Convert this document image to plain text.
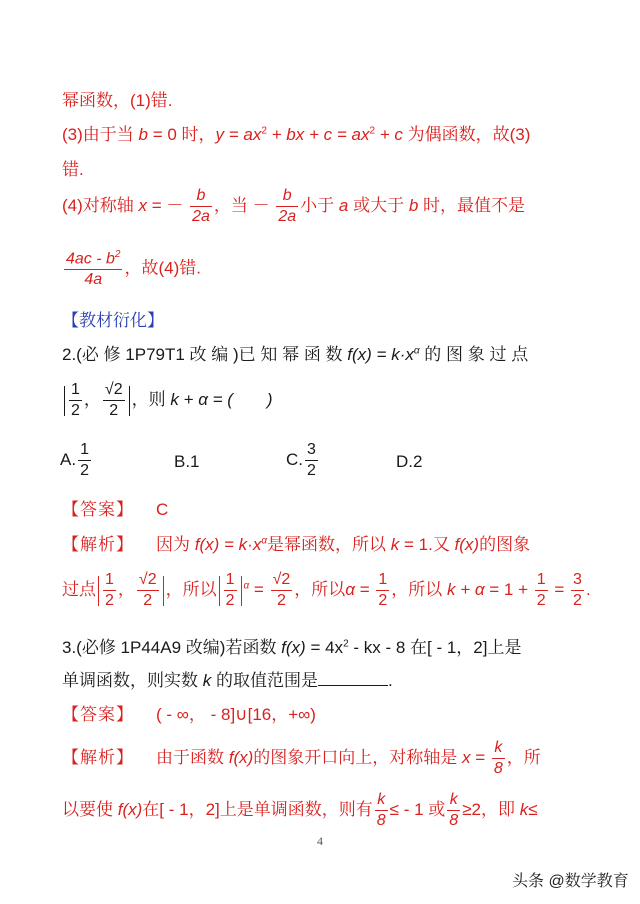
幂函数，(1)错.
(3)由于当 b = 0 时，$y = ax^2$ + bx + $c = ax^2 + c$ 为偶函数，故(3)
错.
(4)对称轴 x = － $\frac{b}{2a}$ ，当 － $\frac{b}{2a}$ 小于 a 或大于 b 时，最值不是
$\frac{4ac - b^2}{4a}$ ，故(4)错.
【教材衍化】
2.(必 修 1P79T1 改 编 )已 知 幂 函 数 $f(x) = k\cdot x^\alpha$ 的 图 象 过 点
$\frac{1}{2}$ ， $\frac{√2}{2}$ ，则 k + α = (　　)
A. $\frac{1}{2}$	B.1	C. $\frac{3}{2}$	D.2
【答案】 C
【解析】 因为 $f(x) = k\cdot x^\alpha$是幂函数，所以 k = 1.又 f(x)的图象
过点 $\frac{1}{2}$ ， $\frac{√2}{2}$ ，所以 $\frac{1}{2} ^\alpha = \frac{√2}{2}$ ，所以$\alpha = \frac{1}{2}$ ，所以 $k + \alpha = 1 + \frac{1}{2} = \frac{3}{2}$ .
3.(必修 1P44A9 改编)若函数 $f(x) = 4x^2$ - kx - 8 在[ - 1，2]上是
单调函数，则实数 k 的取值范围是	.
【答案】 ( - ∞， - 8]∪[16，+∞)
【解析】 由于函数 f(x)的图象开口向上，对称轴是 $x = \frac{k}{8}$ ，所
以要使 f(x)在[ - 1，2]上是单调函数，则有 $\frac{k}{8}$ ≤ - 1 或 $\frac{k}{8} \ge 2$，即 k≤
4
头条 @数学教育
